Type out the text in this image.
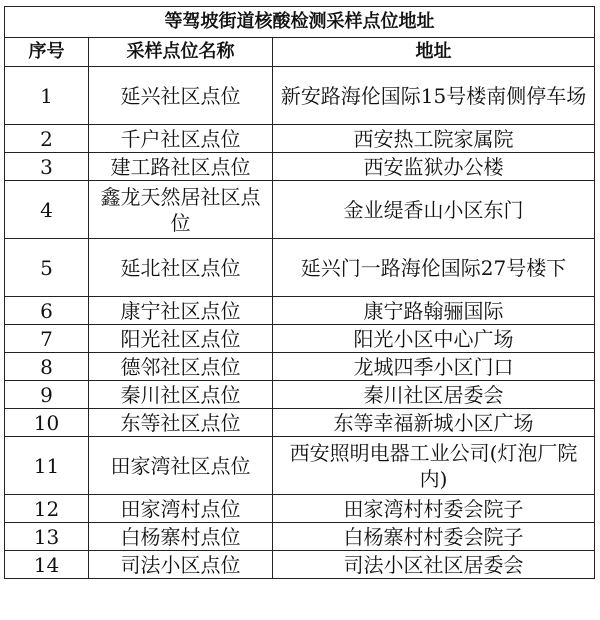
等驾坡街道核酸检测采样点位地址		
序号	采样点位名称	地址
1	延兴社区点位	新安路海伦国际15号楼南侧停车场
2	千户社区点位	西安热工院家属院
3	建工路社区点位	西安监狱办公楼
4	鑫龙天然居社区点位	金业缇香山小区东门
5	延北社区点位	延兴门一路海伦国际27号楼下
6	康宁社区点位	康宁路翰骊国际
7	阳光社区点位	阳光小区中心广场
8	德邻社区点位	龙城四季小区门口
9	秦川社区点位	秦川社区居委会
10	东等社区点位	东等幸福新城小区广场
11	田家湾社区点位	西安照明电器工业公司(灯泡厂院内)
12	田家湾村点位	田家湾村村委会院子
13	白杨寨村点位	白杨寨村村委会院子
14	司法小区点位	司法小区社区居委会
